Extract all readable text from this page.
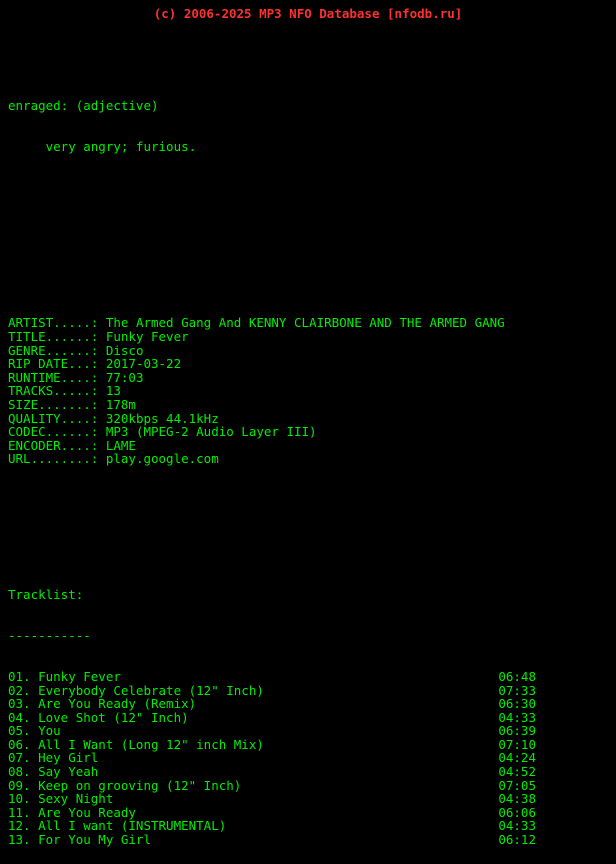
(c) 2006-2025 MP3 NFO Database [nfodb.ru]

enraged: (adjective)

very angry; furious.

ARTIST.....: The Armed Gang And KENNY CLAIRBONE AND THE ARMED GANG
TITLE......: Funky Fever
GENRE......: Disco
RIP DATE...: 2017-03-22
RUNTIME....: 77:03
TRACKS.....: 13
SIZE.......: 178m
QUALITY....: 320kbps 44.1kHz
CODEC......: MP3 (MPEG-2 Audio Layer III)
ENCODER....: LAME
URL........: play.google.com

Tracklist:

-----------

01. Funky Fever	06:48
02. Everybody Celebrate (12" Inch)	07:33
03. Are You Ready (Remix)	06:30
04. Love Shot (12" Inch)	04:33
05. You	06:39
06. All I Want (Long 12" inch Mix)	07:10
07. Hey Girl	04:24
08. Say Yeah	04:52
09. Keep on grooving (12" Inch)	07:05
10. Sexy Night	04:38
11. Are You Ready	06:06
12. All I want (INSTRUMENTAL)	04:33
13. For You My Girl	06:12
